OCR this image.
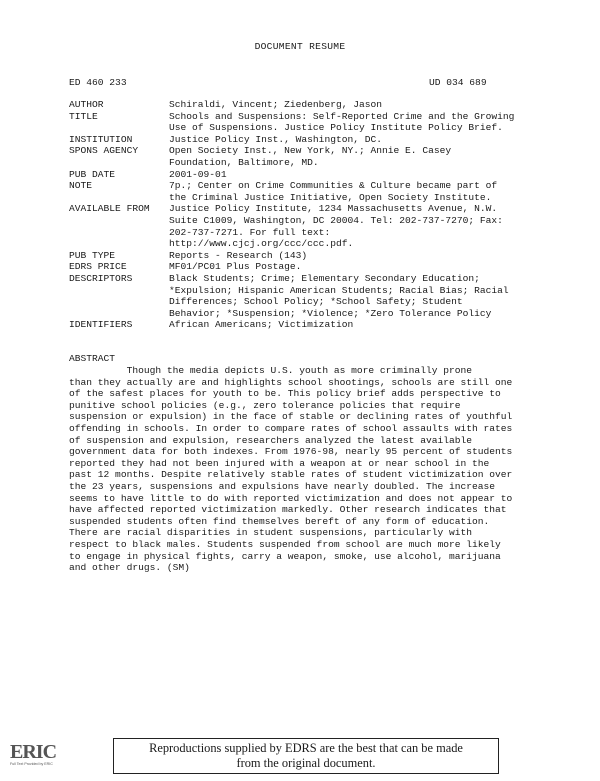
DOCUMENT RESUME
ED 460 233	UD 034 689
AUTHOR	Schiraldi, Vincent; Ziedenberg, Jason
TITLE	Schools and Suspensions: Self-Reported Crime and the Growing
Use of Suspensions. Justice Policy Institute Policy Brief.
INSTITUTION	Justice Policy Inst., Washington, DC.
SPONS AGENCY	Open Society Inst., New York, NY.; Annie E. Casey
Foundation, Baltimore, MD.
PUB DATE	2001-09-01
NOTE	7p.; Center on Crime Communities & Culture became part of
the Criminal Justice Initiative, Open Society Institute.
AVAILABLE FROM	Justice Policy Institute, 1234 Massachusetts Avenue, N.W.
Suite C1009, Washington, DC 20004. Tel: 202-737-7270; Fax:
202-737-7271. For full text:
http://www.cjcj.org/ccc/ccc.pdf.
PUB TYPE	Reports - Research (143)
EDRS PRICE	MF01/PC01 Plus Postage.
DESCRIPTORS	Black Students; Crime; Elementary Secondary Education;
*Expulsion; Hispanic American Students; Racial Bias; Racial
Differences; School Policy; *School Safety; Student
Behavior; *Suspension; *Violence; *Zero Tolerance Policy
IDENTIFIERS	African Americans; Victimization
ABSTRACT
Though the media depicts U.S. youth as more criminally prone
than they actually are and highlights school shootings, schools are still one
of the safest places for youth to be. This policy brief adds perspective to
punitive school policies (e.g., zero tolerance policies that require
suspension or expulsion) in the face of stable or declining rates of youthful
offending in schools. In order to compare rates of school assaults with rates
of suspension and expulsion, researchers analyzed the latest available
government data for both indexes. From 1976-98, nearly 95 percent of students
reported they had not been injured with a weapon at or near school in the
past 12 months. Despite relatively stable rates of student victimization over
the 23 years, suspensions and expulsions have nearly doubled. The increase
seems to have little to do with reported victimization and does not appear to
have affected reported victimization markedly. Other research indicates that
suspended students often find themselves bereft of any form of education.
There are racial disparities in student suspensions, particularly with
respect to black males. Students suspended from school are much more likely
to engage in physical fights, carry a weapon, smoke, use alcohol, marijuana
and other drugs. (SM)
ERIC
Full Text Provided by ERIC
Reproductions supplied by EDRS are the best that can be made
from the original document.
